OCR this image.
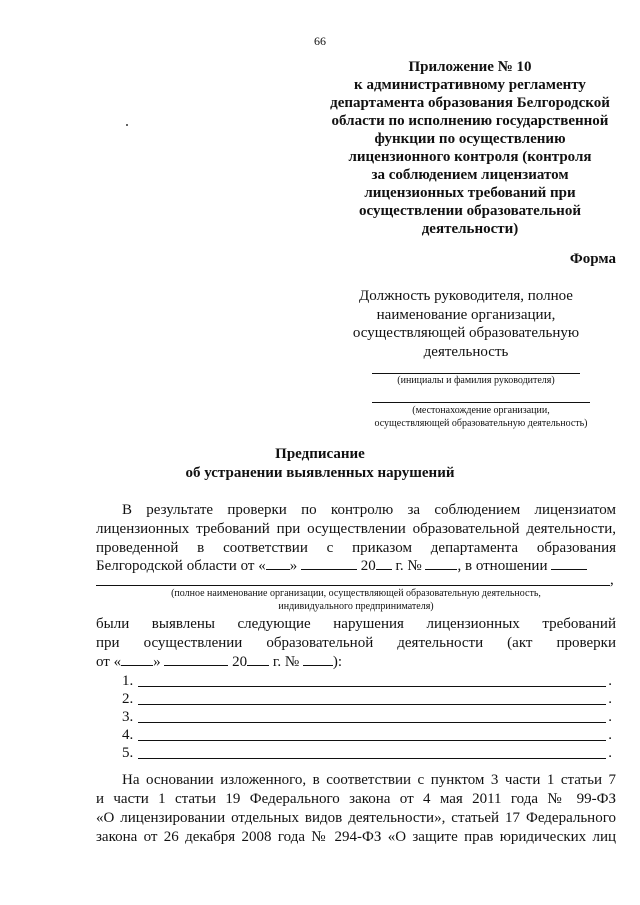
66
Приложение № 10
к административному регламенту
департамента образования Белгородской
области по исполнению государственной
функции по осуществлению
лицензионного контроля (контроля
за соблюдением лицензиатом
лицензионных требований при
осуществлении образовательной
деятельности)
Форма
Должность руководителя, полное
наименование организации,
осуществляющей образовательную
деятельность
(инициалы и фамилия руководителя)
(местонахождение организации,
осуществляющей образовательную деятельность)
Предписание
об устранении выявленных нарушений
В результате проверки по контролю за соблюдением лицензиатом
лицензионных требований при осуществлении образовательной деятельности,
проведенной в соответствии с приказом департамента образования
Белгородской области от « »	20 г. № , в отношении
,
(полное наименование организации, осуществляющей образовательную деятельность,
индивидуального предпринимателя)
были выявлены следующие нарушения лицензионных требований
при осуществлении образовательной деятельности (акт проверки
от « »	20 г. № ):
1.	.
2.	.
3.	.
4.	.
5.	.
На основании изложенного, в соответствии с пунктом 3 части 1 статьи 7
и части 1 статьи 19 Федерального закона от 4 мая 2011 года № 99-ФЗ
«О лицензировании отдельных видов деятельности», статьей 17 Федерального
закона от 26 декабря 2008 года № 294-ФЗ «О защите прав юридических лиц
